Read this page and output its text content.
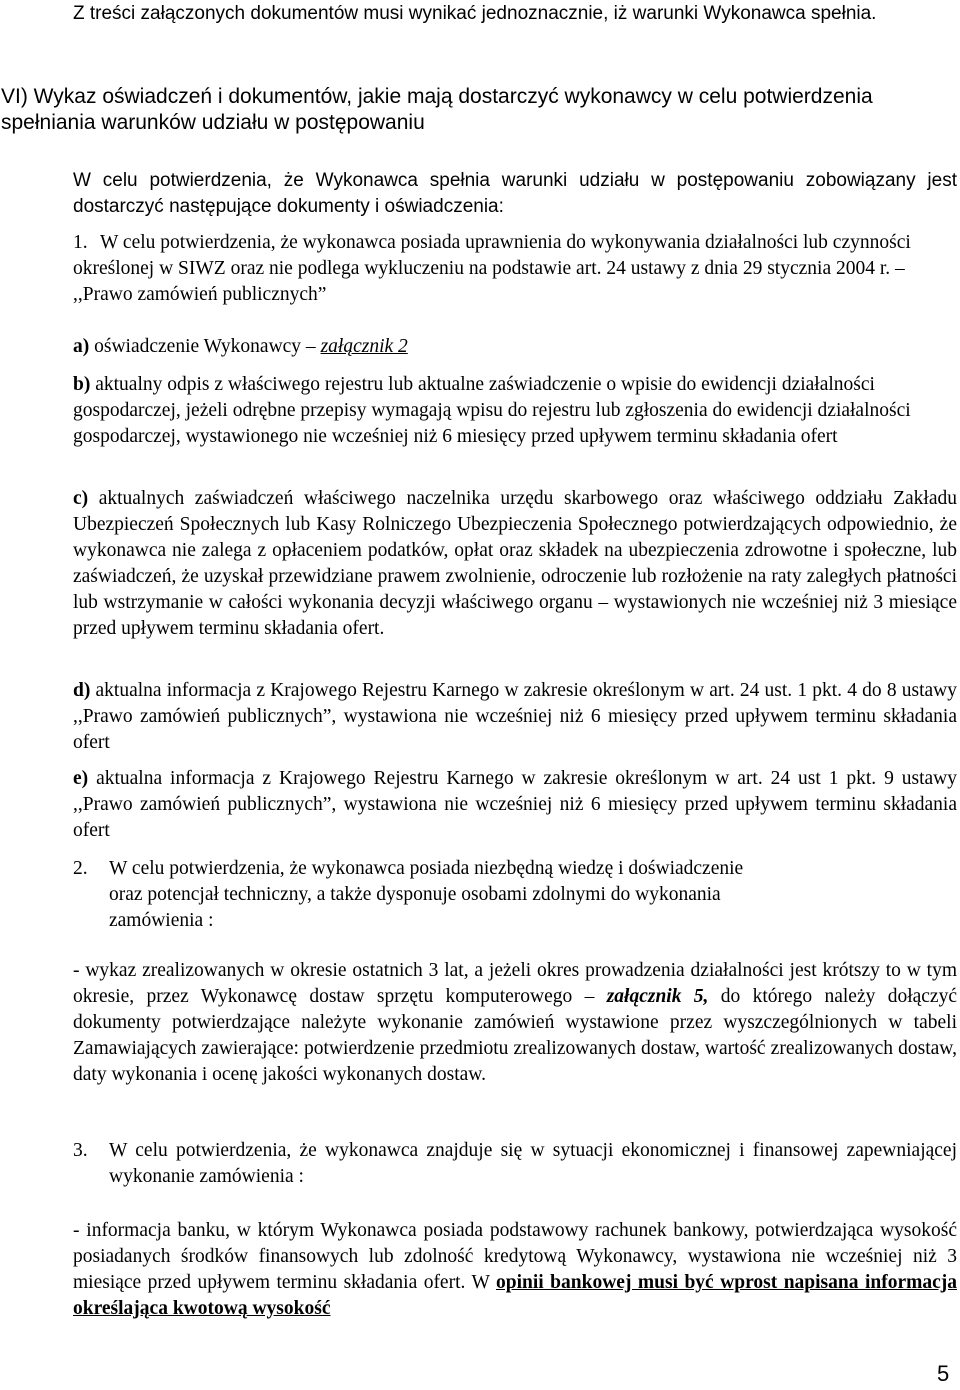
Z treści załączonych dokumentów musi wynikać jednoznacznie, iż warunki Wykonawca spełnia.

VI) Wykaz oświadczeń i dokumentów, jakie mają dostarczyć wykonawcy w celu potwierdzenia spełniania warunków udziału w postępowaniu

W celu potwierdzenia, że Wykonawca spełnia warunki udziału w postępowaniu zobowiązany jest dostarczyć następujące dokumenty i oświadczenia:

1. W celu potwierdzenia, że wykonawca posiada uprawnienia do wykonywania działalności lub czynności określonej w SIWZ oraz nie podlega wykluczeniu na podstawie art. 24 ustawy z dnia 29 stycznia 2004 r. – ,,Prawo zamówień publicznych”

a) oświadczenie Wykonawcy – załącznik 2

b) aktualny odpis z właściwego rejestru lub aktualne zaświadczenie o wpisie do ewidencji działalności gospodarczej, jeżeli odrębne przepisy wymagają wpisu do rejestru lub zgłoszenia do ewidencji działalności gospodarczej, wystawionego nie wcześniej niż 6 miesięcy przed upływem terminu składania ofert

c) aktualnych zaświadczeń właściwego naczelnika urzędu skarbowego oraz właściwego oddziału Zakładu Ubezpieczeń Społecznych lub Kasy Rolniczego Ubezpieczenia Społecznego potwierdzających odpowiednio, że wykonawca nie zalega z opłaceniem podatków, opłat oraz składek na ubezpieczenia zdrowotne i społeczne, lub zaświadczeń, że uzyskał przewidziane prawem zwolnienie, odroczenie lub rozłożenie na raty zaległych płatności lub wstrzymanie w całości wykonania decyzji właściwego organu – wystawionych nie wcześniej niż 3 miesiące przed upływem terminu składania ofert.

d) aktualna informacja z Krajowego Rejestru Karnego w zakresie określonym w art. 24 ust. 1 pkt. 4 do 8 ustawy ,,Prawo zamówień publicznych”, wystawiona nie wcześniej niż 6 miesięcy przed upływem terminu składania ofert

e) aktualna informacja z Krajowego Rejestru Karnego w zakresie określonym w art. 24 ust 1 pkt. 9 ustawy ,,Prawo zamówień publicznych”, wystawiona nie wcześniej niż 6 miesięcy przed upływem terminu składania ofert

2. W celu potwierdzenia, że wykonawca posiada niezbędną wiedzę i doświadczenie
oraz potencjał techniczny, a także dysponuje osobami zdolnymi do wykonania
zamówienia :

- wykaz zrealizowanych w okresie ostatnich 3 lat, a jeżeli okres prowadzenia działalności jest krótszy to w tym okresie, przez Wykonawcę dostaw sprzętu komputerowego – załącznik 5, do którego należy dołączyć dokumenty potwierdzające należyte wykonanie zamówień wystawione przez wyszczególnionych w tabeli Zamawiających zawierające: potwierdzenie przedmiotu zrealizowanych dostaw, wartość zrealizowanych dostaw, daty wykonania i ocenę jakości wykonanych dostaw.

3. W celu potwierdzenia, że wykonawca znajduje się w sytuacji ekonomicznej i finansowej zapewniającej wykonanie zamówienia :

- informacja banku, w którym Wykonawca posiada podstawowy rachunek bankowy, potwierdzająca wysokość posiadanych środków finansowych lub zdolność kredytową Wykonawcy, wystawiona nie wcześniej niż 3 miesiące przed upływem terminu składania ofert. W opinii bankowej musi być wprost napisana informacja określająca kwotową wysokość

5
